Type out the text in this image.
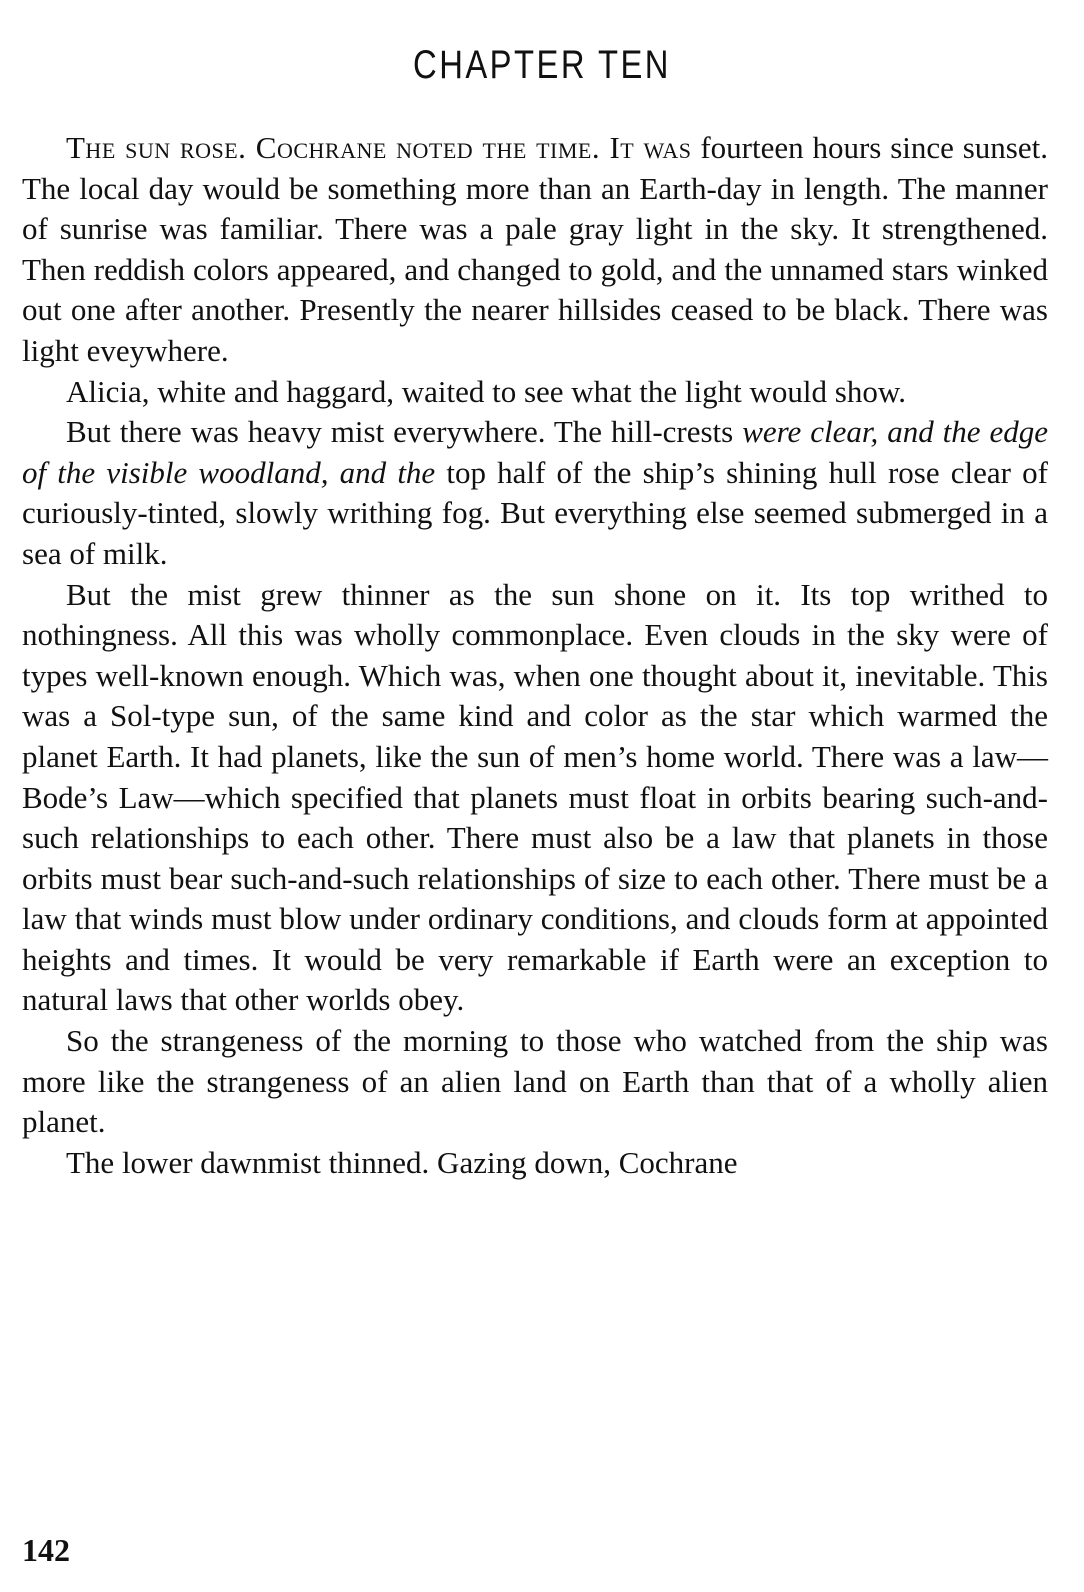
CHAPTER TEN

The sun rose. Cochrane noted the time. It was fourteen hours since sunset. The local day would be something more than an Earth-day in length. The manner of sunrise was familiar. There was a pale gray light in the sky. It strengthened. Then reddish colors appeared, and changed to gold, and the unnamed stars winked out one after another. Presently the nearer hillsides ceased to be black. There was light eveywhere.

Alicia, white and haggard, waited to see what the light would show.

But there was heavy mist everywhere. The hill-crests were clear, and the edge of the visible woodland, and the top half of the ship’s shining hull rose clear of curiously-tinted, slowly writhing fog. But everything else seemed submerged in a sea of milk.

But the mist grew thinner as the sun shone on it. Its top writhed to nothingness. All this was wholly commonplace. Even clouds in the sky were of types well-known enough. Which was, when one thought about it, inevitable. This was a Sol-type sun, of the same kind and color as the star which warmed the planet Earth. It had planets, like the sun of men’s home world. There was a law—Bode’s Law—which specified that planets must float in orbits bearing such-and-such relationships to each other. There must also be a law that planets in those orbits must bear such-and-such relationships of size to each other. There must be a law that winds must blow under ordinary conditions, and clouds form at appointed heights and times. It would be very remarkable if Earth were an exception to natural laws that other worlds obey.

So the strangeness of the morning to those who watched from the ship was more like the strangeness of an alien land on Earth than that of a wholly alien planet.

The lower dawnmist thinned. Gazing down, Cochrane

142
